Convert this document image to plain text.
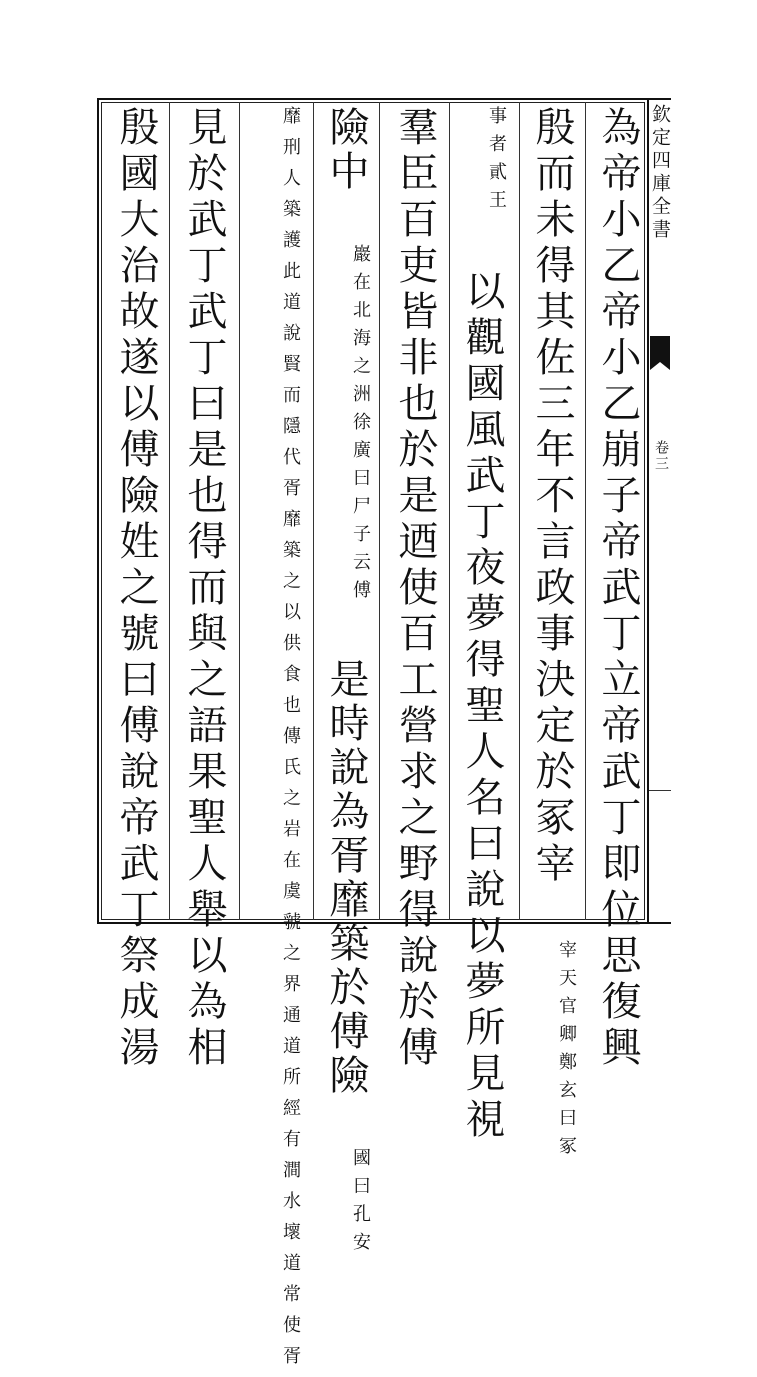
欽定四庫全書
卷三
為帝小乙帝小乙崩子帝武丁立帝武丁即位思復興
殷而未得其佐三年不言政事決定於冢宰
鄭玄曰冢
宰天官卿
貳王
事者
以觀國風武丁夜夢得聖人名曰說以夢所見視
羣臣百吏皆非也於是迺使百工營求之野得說於傅
險中
徐廣曰尸子云傅
巖在北海之洲
是時說為胥靡築於傅險
孔安
國曰
傳氏之岩在虞虢之界通道所經有澗水壞道常使胥
靡刑人築護此道說賢而隱代胥靡築之以供食也
見於武丁武丁曰是也得而與之語果聖人舉以為相
殷國大治故遂以傅險姓之號曰傅說帝武丁祭成湯
